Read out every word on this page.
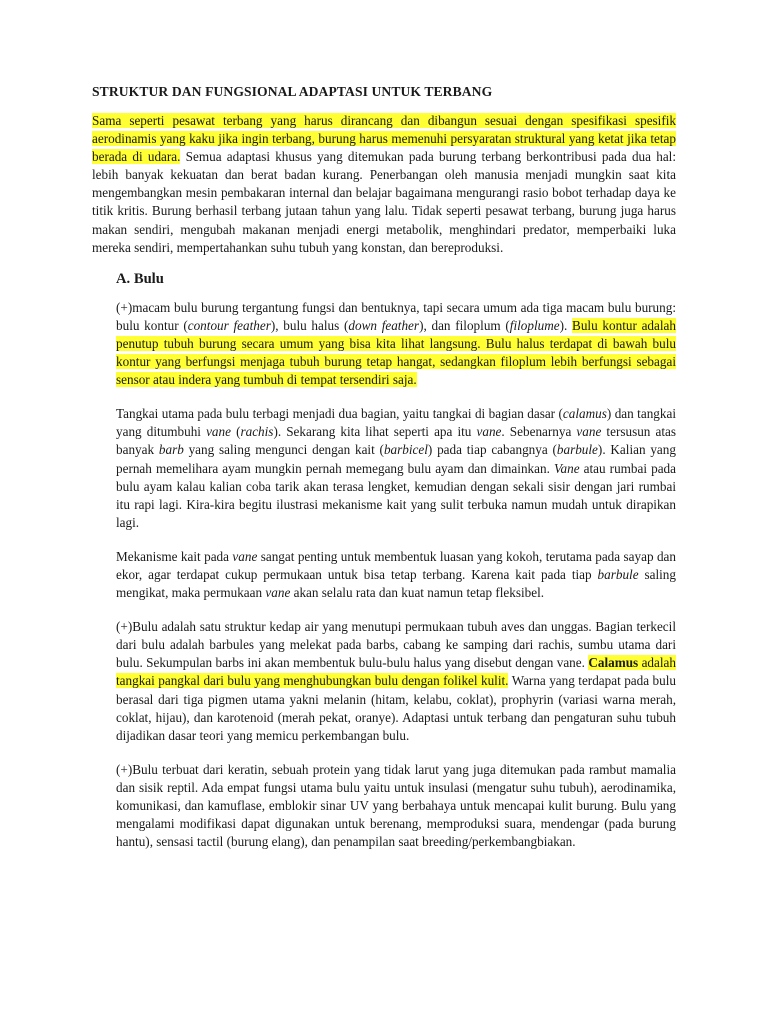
STRUKTUR DAN FUNGSIONAL ADAPTASI UNTUK TERBANG

Sama seperti pesawat terbang yang harus dirancang dan dibangun sesuai dengan spesifikasi spesifik aerodinamis yang kaku jika ingin terbang, burung harus memenuhi persyaratan struktural yang ketat jika tetap berada di udara. Semua adaptasi khusus yang ditemukan pada burung terbang berkontribusi pada dua hal: lebih banyak kekuatan dan berat badan kurang. Penerbangan oleh manusia menjadi mungkin saat kita mengembangkan mesin pembakaran internal dan belajar bagaimana mengurangi rasio bobot terhadap daya ke titik kritis. Burung berhasil terbang jutaan tahun yang lalu. Tidak seperti pesawat terbang, burung juga harus makan sendiri, mengubah makanan menjadi energi metabolik, menghindari predator, memperbaiki luka mereka sendiri, mempertahankan suhu tubuh yang konstan, dan bereproduksi.

A. Bulu

(+)macam bulu burung tergantung fungsi dan bentuknya, tapi secara umum ada tiga macam bulu burung: bulu kontur (contour feather), bulu halus (down feather), dan filoplum (filoplume). Bulu kontur adalah penutup tubuh burung secara umum yang bisa kita lihat langsung. Bulu halus terdapat di bawah bulu kontur yang berfungsi menjaga tubuh burung tetap hangat, sedangkan filoplum lebih berfungsi sebagai sensor atau indera yang tumbuh di tempat tersendiri saja.

Tangkai utama pada bulu terbagi menjadi dua bagian, yaitu tangkai di bagian dasar (calamus) dan tangkai yang ditumbuhi vane (rachis). Sekarang kita lihat seperti apa itu vane. Sebenarnya vane tersusun atas banyak barb yang saling mengunci dengan kait (barbicel) pada tiap cabangnya (barbule). Kalian yang pernah memelihara ayam mungkin pernah memegang bulu ayam dan dimainkan. Vane atau rumbai pada bulu ayam kalau kalian coba tarik akan terasa lengket, kemudian dengan sekali sisir dengan jari rumbai itu rapi lagi. Kira-kira begitu ilustrasi mekanisme kait yang sulit terbuka namun mudah untuk dirapikan lagi.

Mekanisme kait pada vane sangat penting untuk membentuk luasan yang kokoh, terutama pada sayap dan ekor, agar terdapat cukup permukaan untuk bisa tetap terbang. Karena kait pada tiap barbule saling mengikat, maka permukaan vane akan selalu rata dan kuat namun tetap fleksibel.

(+)Bulu adalah satu struktur kedap air yang menutupi permukaan tubuh aves dan unggas. Bagian terkecil dari bulu adalah barbules yang melekat pada barbs, cabang ke samping dari rachis, sumbu utama dari bulu. Sekumpulan barbs ini akan membentuk bulu-bulu halus yang disebut dengan vane. Calamus adalah tangkai pangkal dari bulu yang menghubungkan bulu dengan folikel kulit. Warna yang terdapat pada bulu berasal dari tiga pigmen utama yakni melanin (hitam, kelabu, coklat), prophyrin (variasi warna merah, coklat, hijau), dan karotenoid (merah pekat, oranye). Adaptasi untuk terbang dan pengaturan suhu tubuh dijadikan dasar teori yang memicu perkembangan bulu.

(+)Bulu terbuat dari keratin, sebuah protein yang tidak larut yang juga ditemukan pada rambut mamalia dan sisik reptil. Ada empat fungsi utama bulu yaitu untuk insulasi (mengatur suhu tubuh), aerodinamika, komunikasi, dan kamuflase, emblokir sinar UV yang berbahaya untuk mencapai kulit burung. Bulu yang mengalami modifikasi dapat digunakan untuk berenang, memproduksi suara, mendengar (pada burung hantu), sensasi tactil (burung elang), dan penampilan saat breeding/perkembangbiakan.
